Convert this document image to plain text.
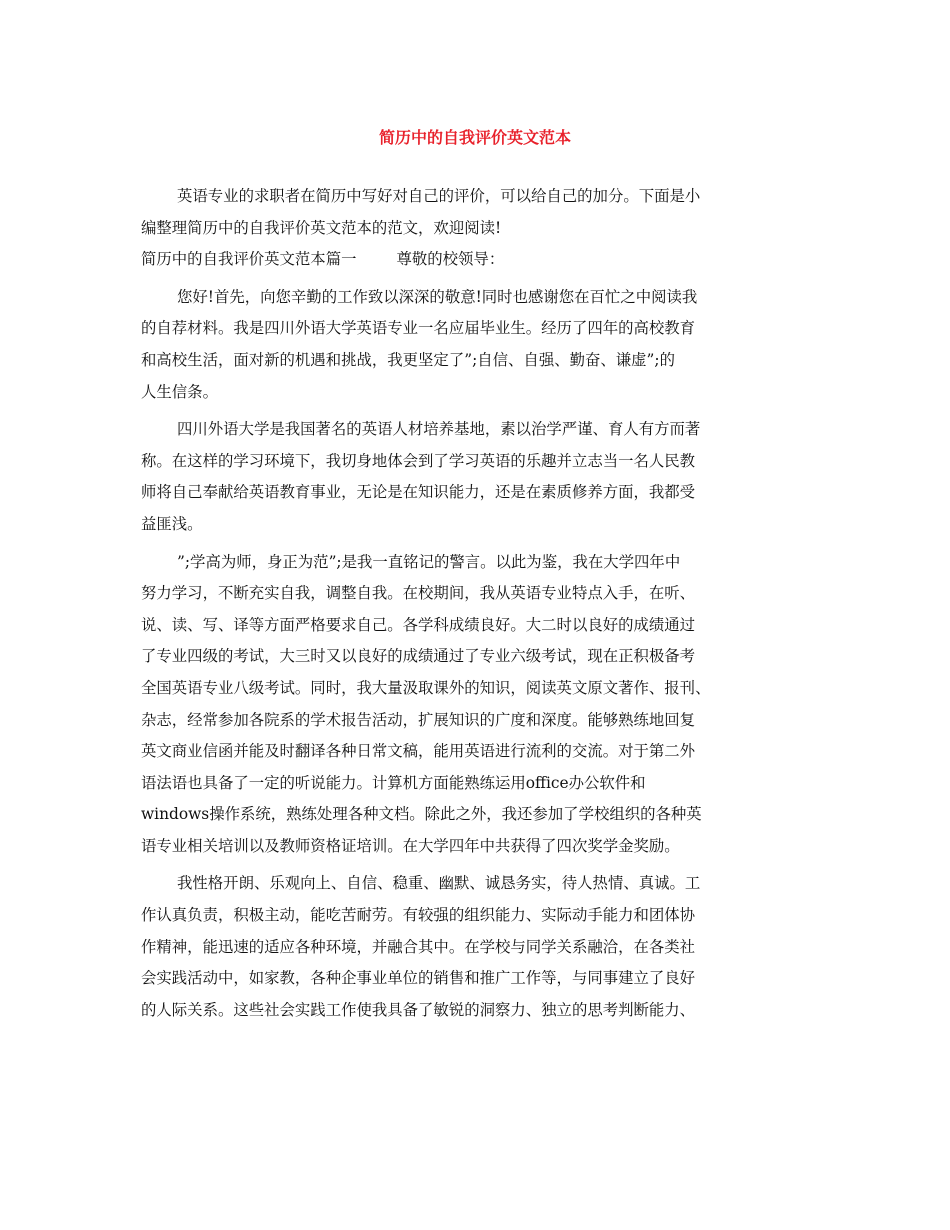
简历中的自我评价英文范本
英语专业的求职者在简历中写好对自己的评价，可以给自己的加分。下面是小
编整理简历中的自我评价英文范本的范文，欢迎阅读!
简历中的自我评价英文范本篇一	尊敬的校领导：
您好!首先，向您辛勤的工作致以深深的敬意!同时也感谢您在百忙之中阅读我
的自荐材料。我是四川外语大学英语专业一名应届毕业生。经历了四年的高校教育
和高校生活，面对新的机遇和挑战，我更坚定了”;自信、自强、勤奋、谦虚”;的
人生信条。
四川外语大学是我国著名的英语人材培养基地，素以治学严谨、育人有方而著
称。在这样的学习环境下，我切身地体会到了学习英语的乐趣并立志当一名人民教
师将自己奉献给英语教育事业，无论是在知识能力，还是在素质修养方面，我都受
益匪浅。
”;学高为师，身正为范”;是我一直铭记的警言。以此为鉴，我在大学四年中
努力学习，不断充实自我，调整自我。在校期间，我从英语专业特点入手，在听、
说、读、写、译等方面严格要求自己。各学科成绩良好。大二时以良好的成绩通过
了专业四级的考试，大三时又以良好的成绩通过了专业六级考试，现在正积极备考
全国英语专业八级考试。同时，我大量汲取课外的知识，阅读英文原文著作、报刊、
杂志，经常参加各院系的学术报告活动，扩展知识的广度和深度。能够熟练地回复
英文商业信函并能及时翻译各种日常文稿，能用英语进行流利的交流。对于第二外
语法语也具备了一定的听说能力。计算机方面能熟练运用office办公软件和
windows操作系统，熟练处理各种文档。除此之外，我还参加了学校组织的各种英
语专业相关培训以及教师资格证培训。在大学四年中共获得了四次奖学金奖励。
我性格开朗、乐观向上、自信、稳重、幽默、诚恳务实，待人热情、真诚。工
作认真负责，积极主动，能吃苦耐劳。有较强的组织能力、实际动手能力和团体协
作精神，能迅速的适应各种环境，并融合其中。在学校与同学关系融洽，在各类社
会实践活动中，如家教，各种企事业单位的销售和推广工作等，与同事建立了良好
的人际关系。这些社会实践工作使我具备了敏锐的洞察力、独立的思考判断能力、
